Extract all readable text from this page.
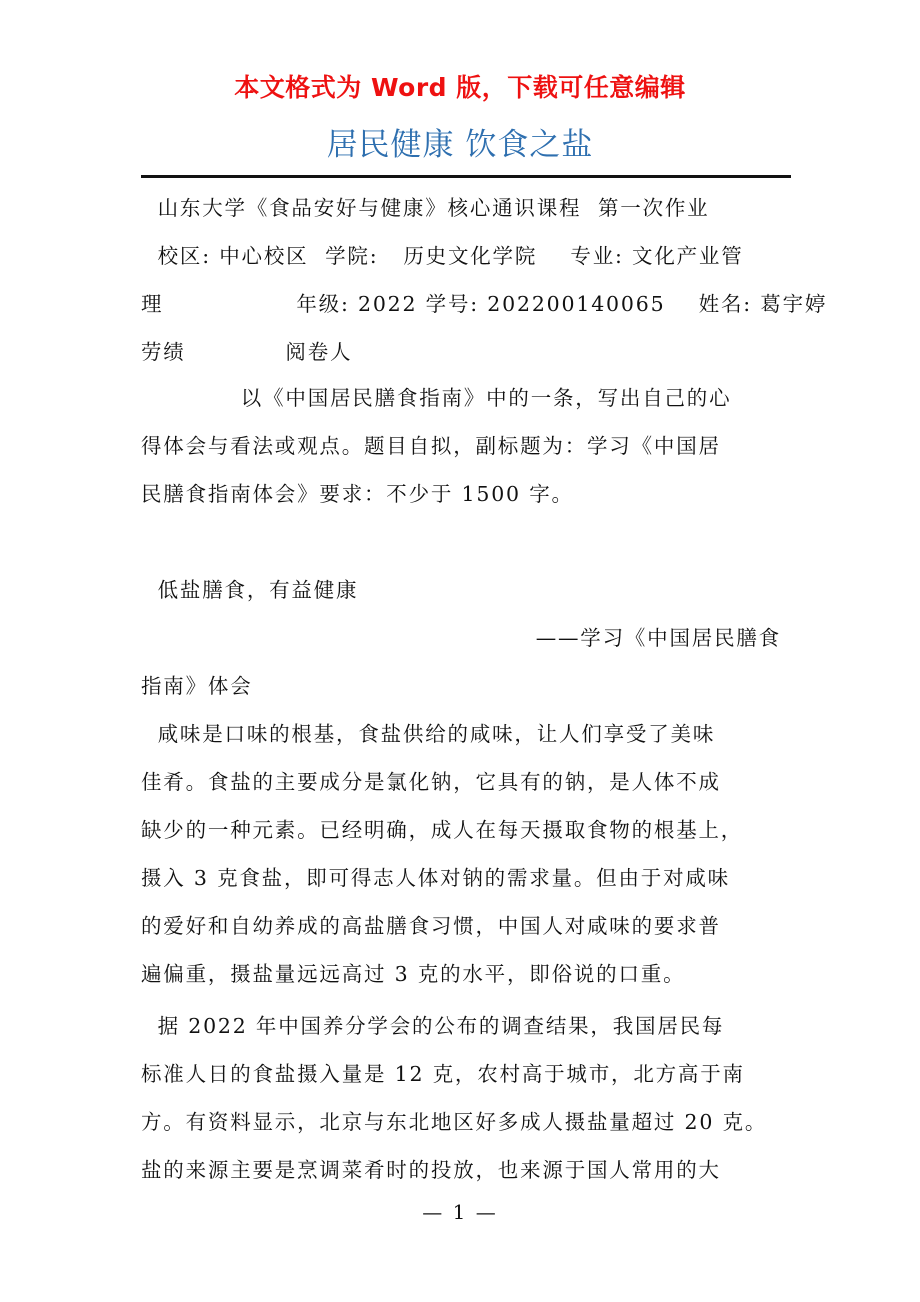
本文格式为 Word 版，下载可任意编辑
居民健康 饮食之盐
山东大学《食品安好与健康》核心通识课程  第一次作业
校区: 中心校区  学院:   历史文化学院    专业: 文化产业管
理                年级: 2022 学号: 202200140065    姓名: 葛宇婷
劳绩            阅卷人
以《中国居民膳食指南》中的一条，写出自己的心
得体会与看法或观点。题目自拟，副标题为：学习《中国居
民膳食指南体会》要求：不少于 1500 字。
低盐膳食，有益健康
——学习《中国居民膳食
指南》体会
咸味是口味的根基，食盐供给的咸味，让人们享受了美味
佳肴。食盐的主要成分是氯化钠，它具有的钠，是人体不成
缺少的一种元素。已经明确，成人在每天摄取食物的根基上，
摄入 3 克食盐，即可得志人体对钠的需求量。但由于对咸味
的爱好和自幼养成的高盐膳食习惯，中国人对咸味的要求普
遍偏重，摄盐量远远高过 3 克的水平，即俗说的口重。
据 2022 年中国养分学会的公布的调查结果，我国居民每
标准人日的食盐摄入量是 12 克，农村高于城市，北方高于南
方。有资料显示，北京与东北地区好多成人摄盐量超过 20 克。
盐的来源主要是烹调菜肴时的投放，也来源于国人常用的大
— 1 —
